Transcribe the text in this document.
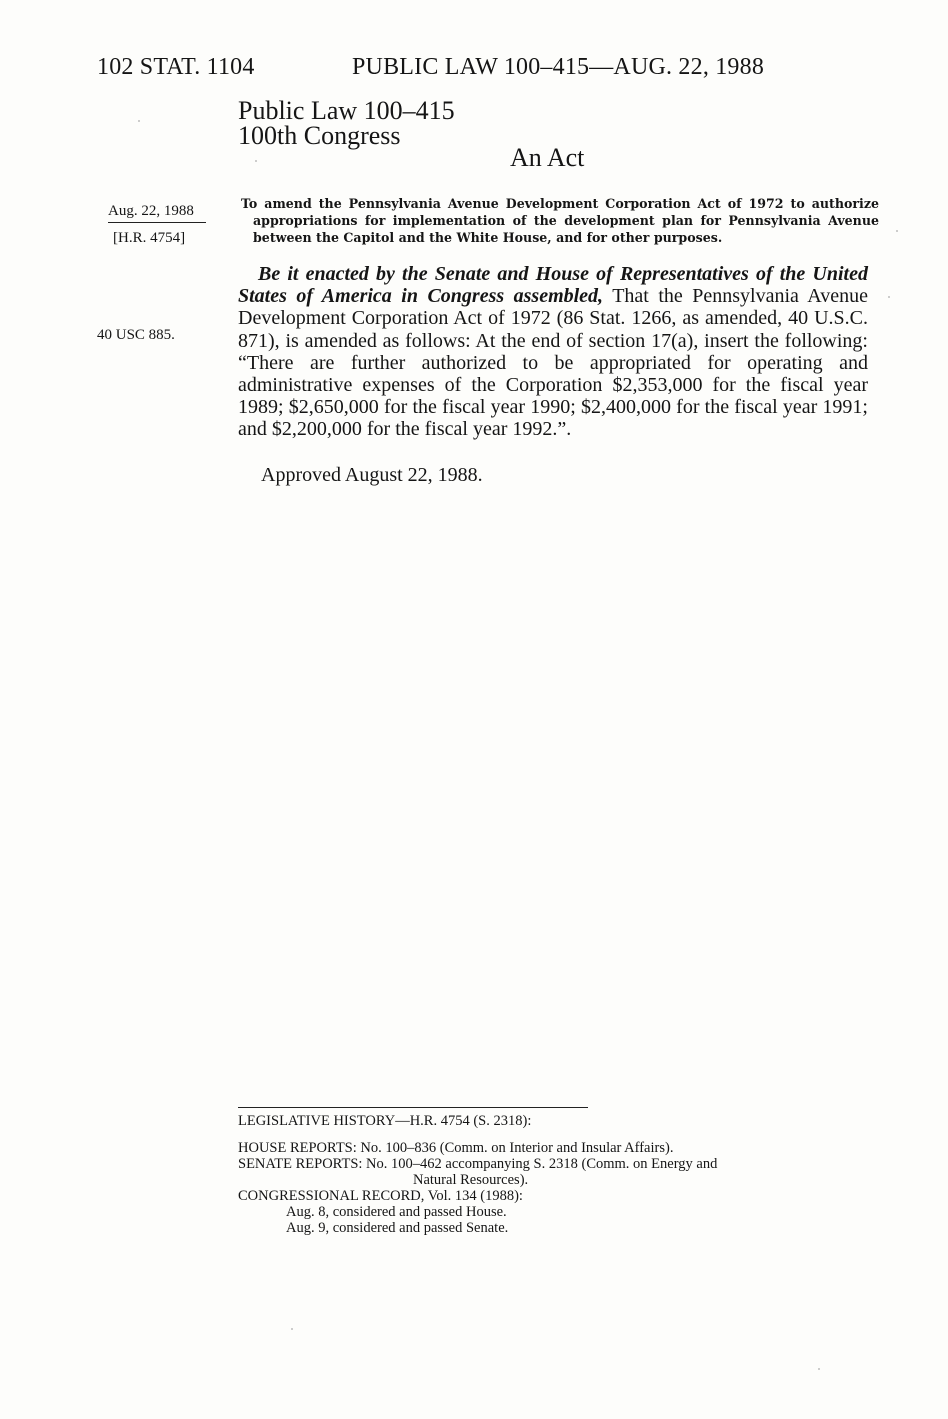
102 STAT. 1104	PUBLIC LAW 100–415—AUG. 22, 1988
Public Law 100–415
100th Congress
An Act
Aug. 22, 1988
[H.R. 4754]
40 USC 885.
To amend the Pennsylvania Avenue Development Corporation Act of 1972 to authorize appropriations for implementation of the development plan for Pennsylvania Avenue between the Capitol and the White House, and for other purposes.

Be it enacted by the Senate and House of Representatives of the United States of America in Congress assembled, That the Pennsylvania Avenue Development Corporation Act of 1972 (86 Stat. 1266, as amended, 40 U.S.C. 871), is amended as follows: At the end of section 17(a), insert the following: “There are further authorized to be appropriated for operating and administrative expenses of the Corporation $2,353,000 for the fiscal year 1989; $2,650,000 for the fiscal year 1990; $2,400,000 for the fiscal year 1991; and $2,200,000 for the fiscal year 1992.”.

Approved August 22, 1988.
LEGISLATIVE HISTORY—H.R. 4754 (S. 2318):
HOUSE REPORTS: No. 100–836 (Comm. on Interior and Insular Affairs).
SENATE REPORTS: No. 100–462 accompanying S. 2318 (Comm. on Energy and
Natural Resources).
CONGRESSIONAL RECORD, Vol. 134 (1988):
Aug. 8, considered and passed House.
Aug. 9, considered and passed Senate.
